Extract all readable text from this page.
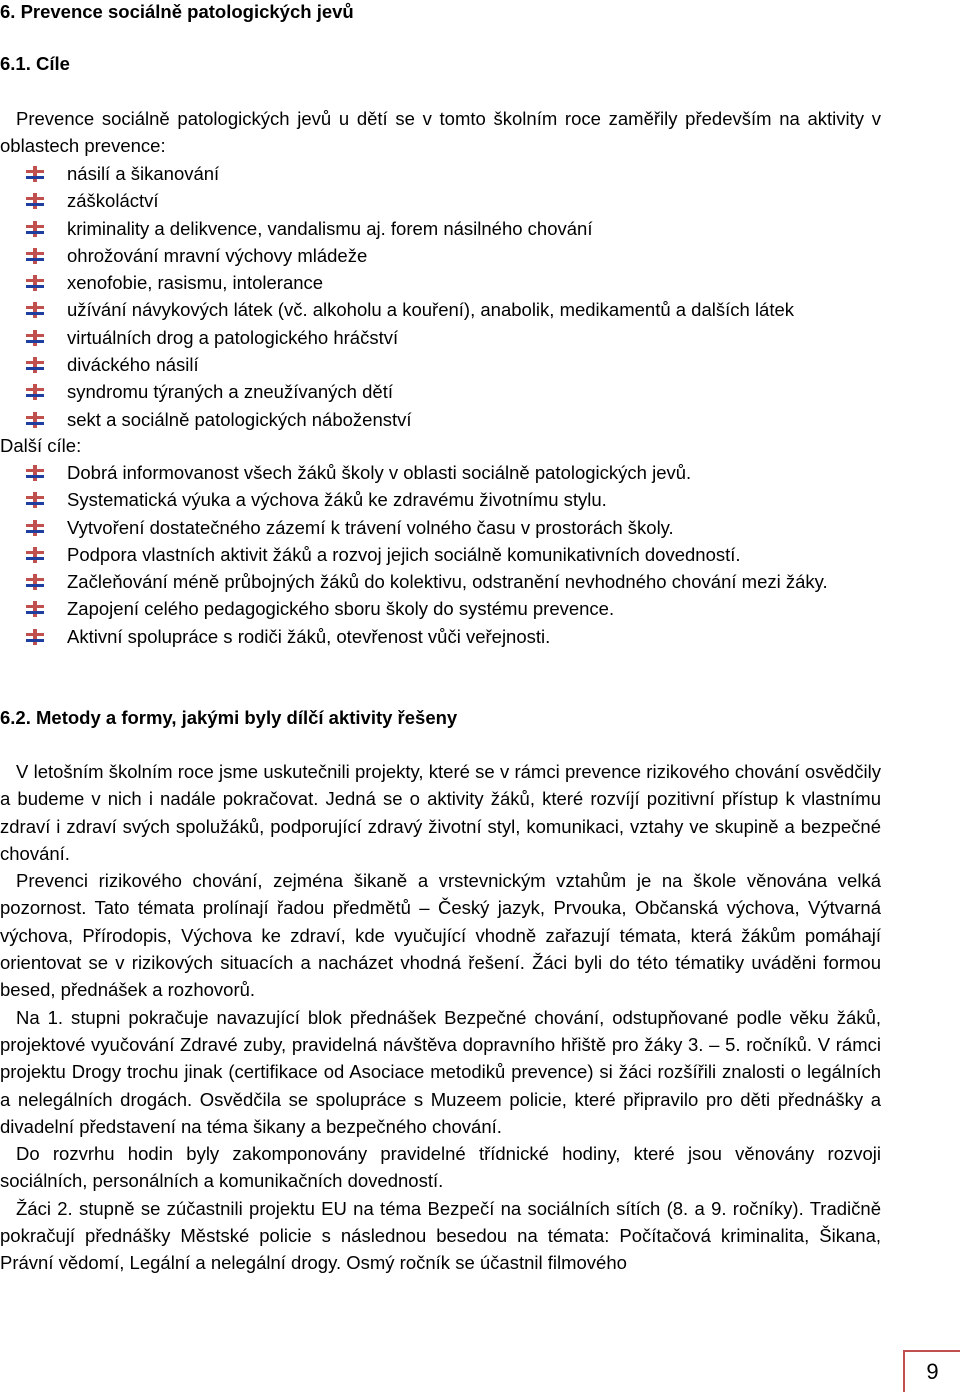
6.	Prevence sociálně patologických jevů
6.1. Cíle

Prevence sociálně patologických jevů u dětí se v tomto školním roce zaměřily především na aktivity v oblastech prevence:

násilí a šikanování
záškoláctví
kriminality a delikvence, vandalismu aj. forem násilného chování
ohrožování mravní výchovy mládeže
xenofobie, rasismu, intolerance
užívání návykových látek (vč. alkoholu a kouření), anabolik, medikamentů a dalších látek
virtuálních drog a patologického hráčství
diváckého násilí
syndromu týraných a zneužívaných dětí
sekt a sociálně patologických náboženství
Další cíle:
Dobrá informovanost všech žáků školy v oblasti sociálně patologických jevů.
Systematická výuka a výchova žáků ke zdravému životnímu stylu.
Vytvoření dostatečného zázemí k trávení volného času v prostorách školy.
Podpora vlastních aktivit žáků a rozvoj jejich sociálně komunikativních dovedností.
Začleňování méně průbojných žáků do kolektivu, odstranění nevhodného chování mezi žáky.
Zapojení celého pedagogického sboru školy do systému prevence.
Aktivní spolupráce s rodiči žáků, otevřenost vůči veřejnosti.
6.2. Metody a formy, jakými byly dílčí aktivity řešeny

V letošním školním roce jsme uskutečnili projekty, které se v rámci prevence rizikového chování osvědčily a budeme v nich i nadále pokračovat. Jedná se o aktivity žáků, které rozvíjí pozitivní přístup k vlastnímu zdraví i zdraví svých spolužáků, podporující zdravý životní styl, komunikaci, vztahy ve skupině a bezpečné chování.

Prevenci rizikového chování, zejména šikaně a vrstevnickým vztahům je na škole věnována velká pozornost. Tato témata prolínají řadou předmětů – Český jazyk, Prvouka, Občanská výchova, Výtvarná výchova, Přírodopis, Výchova ke zdraví, kde vyučující vhodně zařazují témata, která žákům pomáhají orientovat se v rizikových situacích a nacházet vhodná řešení. Žáci byli do této tématiky uváděni formou besed, přednášek a rozhovorů.

Na 1. stupni pokračuje navazující blok přednášek Bezpečné chování, odstupňované podle věku žáků, projektové vyučování Zdravé zuby, pravidelná návštěva dopravního hřiště pro žáky 3. – 5. ročníků. V rámci projektu Drogy trochu jinak (certifikace od Asociace metodiků prevence) si žáci rozšířili znalosti o legálních a nelegálních drogách. Osvědčila se spolupráce s Muzeem policie, které připravilo pro děti přednášky a divadelní představení na téma šikany a bezpečného chování.

Do rozvrhu hodin byly zakomponovány pravidelné třídnické hodiny, které jsou věnovány rozvoji sociálních, personálních a komunikačních dovedností.

Žáci 2. stupně se zúčastnili projektu EU na téma Bezpečí na sociálních sítích (8. a 9. ročníky). Tradičně pokračují přednášky Městské policie s následnou besedou na témata: Počítačová kriminalita, Šikana, Právní vědomí, Legální a nelegální drogy. Osmý ročník se účastnil filmového

9
